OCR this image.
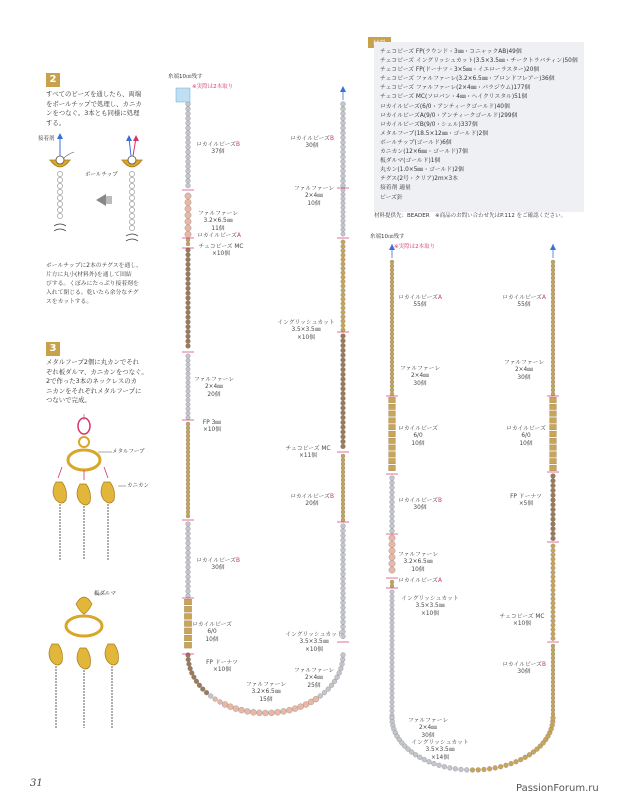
2
すべてのビーズを通したら、両端
をボールチップで処理し、カニカ
ンをつなぐ。3本とも同様に処理
する。
接着剤
ボールチップ
ボールチップに2本のテグスを通し、
片方に丸小(材料外)を通して固結
びする。くぼみにたっぷり接着剤を
入れて閉じる。乾いたら余分なテグ
スをカットする。
3
メタルフープ2個に丸カンでそれ
ぞれ板ダルマ、カニカンをつなぐ。
2で作った3本のネックレスのカ
ニカンをそれぞれメタルフープに
つないで完成。
メタルフープ
カニカン
板ダルマ
チェコビーズ FP(ラウンド・3㎜・コニャックAB)49個
チェコビーズ イングリッシュカット(3.5×3.5㎜・チークトラバティン)50個
チェコビーズ FP(ドーナツ・3×5㎜・イエローラスター)20個
チェコビーズ ファルファーレ(3.2×6.5㎜・ブロンドフレアー)36個
チェコビーズ ファルファーレ(2×4㎜・パラジウム)177個
チェコビーズ MC(ソロバン・4㎜・ヘイクリスタル)51個
ロカイルビーズ(6/0・アンティークゴールド)40個
ロカイルビーズA(9/0・アンティークゴールド)299個
ロカイルビーズB(9/0・シェル)337個
メタルフープ(18.5×12㎜・ゴールド)2個
ボールチップ(ゴールド)6個
カニカン(12×6㎜・ゴールド)7個
板ダルマ(ゴールド)1個
丸カン(1.0×5㎜・ゴールド)2個
テグス(2号・クリア)2m×3本
接着剤 適量
ビーズ針
材料提供先：BEADER　※商品のお問い合わせ先はP.112 をご確認ください。
糸端10㎝残す
※実際は2本取り
糸端10㎝残す
※実際は2本取り
ロカイルビーズB
37個
ファルファーレ
3.2×6.5㎜
11個
ロカイルビーズA
チェコビーズ MC
×10個
ファルファーレ
2×4㎜
20個
FP 3㎜
×10個
ロカイルビーズB
30個
ロカイルビーズ
6/0
10個
FP ドーナツ
×10個
ファルファーレ
3.2×6.5㎜
15個
ロカイルビーズB
30個
ファルファーレ
2×4㎜
10個
イングリッシュカット
3.5×3.5㎜
×10個
チェコビーズ MC
×11個
ロカイルビーズB
20個
イングリッシュカット
3.5×3.5㎜
×10個
ファルファーレ
2×4㎜
25個
ロカイルビーズA
55個
ファルファーレ
2×4㎜
30個
ロカイルビーズ
6/0
10個
ロカイルビーズB
30個
ファルファーレ
3.2×6.5㎜
10個
ロカイルビーズA
イングリッシュカット
3.5×3.5㎜
×10個
ファルファーレ
2×4㎜
30個
イングリッシュカット
3.5×3.5㎜
×14個
ロカイルビーズA
55個
ファルファーレ
2×4㎜
30個
ロカイルビーズ
6/0
10個
FP ドーナツ
×5個
チェコビーズ MC
×10個
ロカイルビーズB
30個
31	PassionForum.ru
